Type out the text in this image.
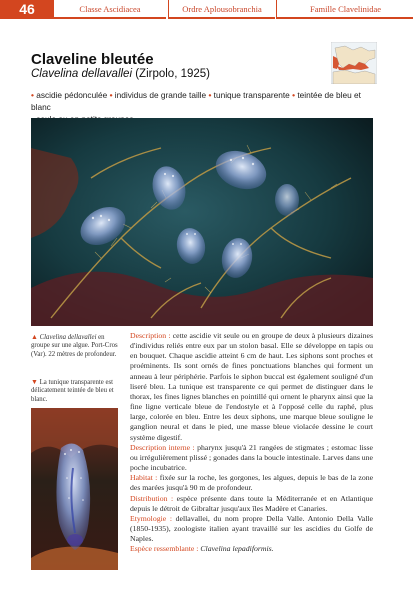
46	Classe Ascidiacea	Ordre Aplousobranchia	Famille Clavelinidae
Claveline bleutée
Clavelina dellavallei (Zirpolo, 1925)
• ascidie pédonculée • individus de grande taille • tunique transparente • teintée de bleu et blanc

▲ Clavelina dellavallei en groupe sur une algue. Port-Cros (Var). 22 mètres de profondeur.
▼ La tunique transparente est délicatement teintée de bleu et blanc.

Description : cette ascidie vit seule ou en groupe de deux à plusieurs dizaines d'individus reliés entre eux par un stolon basal. Elle se développe en tapis ou en bouquet. Chaque ascidie atteint 6 cm de haut. Les siphons sont proches et proéminents. Ils sont ornés de fines ponctuations blanches qui forment un anneau à leur périphérie. Parfois le siphon buccal est également souligné d'un liseré bleu. La tunique est transparente ce qui permet de distinguer dans le thorax, les fines lignes blanches en pointillé qui ornent le pharynx ainsi que la fine ligne verticale bleue de l'endostyle et à l'opposé celle du raphé, plus large, colorée en bleu. Entre les deux siphons, une marque bleue souligne le ganglion neural et dans le pied, une masse bleue violacée dessine le court système digestif.

Description interne : pharynx jusqu'à 21 rangées de stigmates ; estomac lisse ou irrégulièrement plissé ; gonades dans la boucle intestinale. Larves dans une poche incubatrice.

Habitat : fixée sur la roche, les gorgones, les algues, depuis le bas de la zone des marées jusqu'à 90 m de profondeur.

Distribution : espèce présente dans toute la Méditerranée et en Atlantique depuis le détroit de Gibraltar jusqu'aux îles Madère et Canaries.

Etymologie : dellavallei, du nom propre Della Valle. Antonio Della Valle (1850-1935), zoologiste italien ayant travaillé sur les ascidies du Golfe de Naples.

Espèce ressemblante : Clavelina lepadiformis.
